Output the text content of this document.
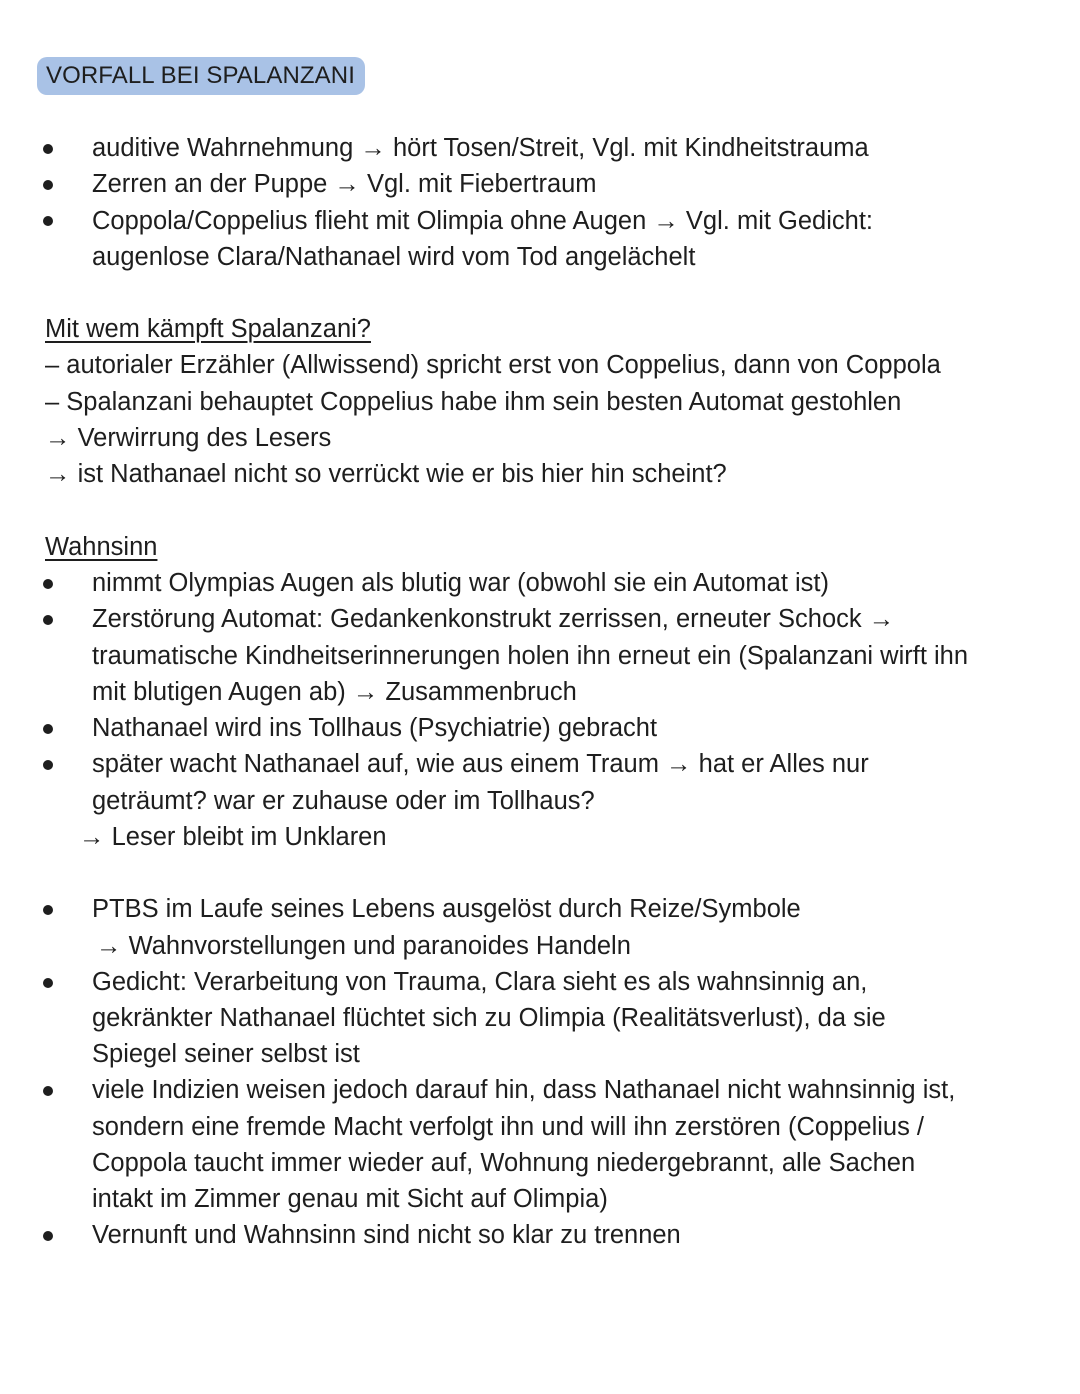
VORFALL BEI SPALANZANI
auditive Wahrnehmung → hört Tosen/Streit, Vgl. mit Kindheitstrauma
Zerren an der Puppe → Vgl. mit Fiebertraum
Coppola/Coppelius flieht mit Olimpia ohne Augen → Vgl. mit Gedicht:
augenlose Clara/Nathanael wird vom Tod angelächelt
Mit wem kämpft Spalanzani?
– autorialer Erzähler (Allwissend) spricht erst von Coppelius, dann von Coppola
– Spalanzani behauptet Coppelius habe ihm sein besten Automat gestohlen
→ Verwirrung des Lesers
→ ist Nathanael nicht so verrückt wie er bis hier hin scheint?
Wahnsinn
nimmt Olympias Augen als blutig war (obwohl sie ein Automat ist)
Zerstörung Automat: Gedankenkonstrukt zerrissen, erneuter Schock →
traumatische Kindheitserinnerungen holen ihn erneut ein (Spalanzani wirft ihn
mit blutigen Augen ab) → Zusammenbruch
Nathanael wird ins Tollhaus (Psychiatrie) gebracht
später wacht Nathanael auf, wie aus einem Traum → hat er Alles nur
geträumt? war er zuhause oder im Tollhaus?
→ Leser bleibt im Unklaren
PTBS im Laufe seines Lebens ausgelöst durch Reize/Symbole
→ Wahnvorstellungen und paranoides Handeln
Gedicht: Verarbeitung von Trauma, Clara sieht es als wahnsinnig an,
gekränkter Nathanael flüchtet sich zu Olimpia (Realitätsverlust), da sie
Spiegel seiner selbst ist
viele Indizien weisen jedoch darauf hin, dass Nathanael nicht wahnsinnig ist,
sondern eine fremde Macht verfolgt ihn und will ihn zerstören (Coppelius /
Coppola taucht immer wieder auf, Wohnung niedergebrannt, alle Sachen
intakt im Zimmer genau mit Sicht auf Olimpia)
Vernunft und Wahnsinn sind nicht so klar zu trennen
